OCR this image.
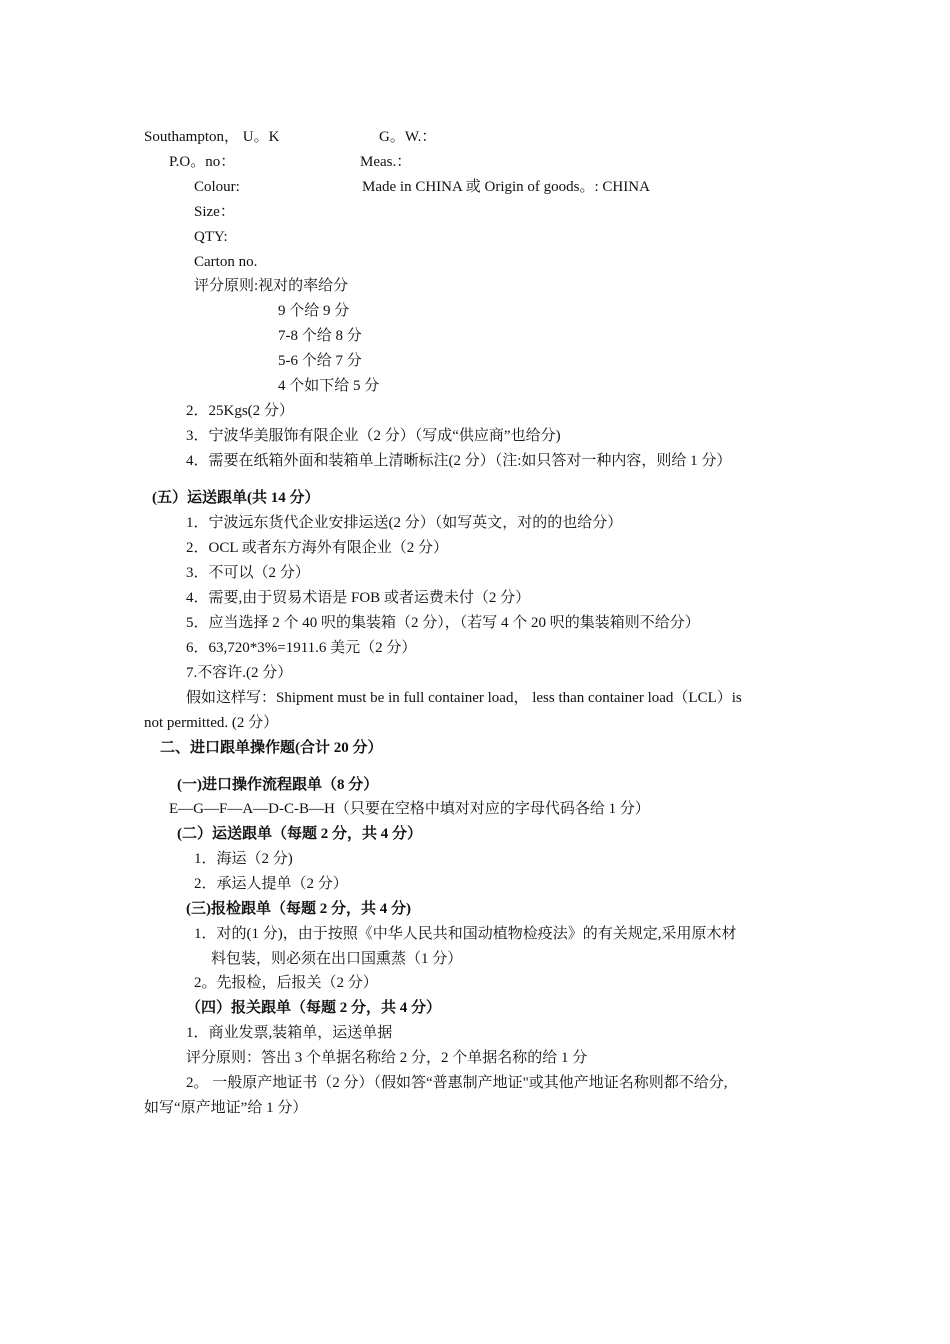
Southampton， U。K	G。W.：
P.O。no：	Meas.：
Colour:	Made in CHINA 或 Origin of goods。: CHINA
Size：
QTY:
Carton no.
评分原则:视对的率给分
9 个给 9 分
7-8 个给 8 分
5-6 个给 7 分
4 个如下给 5 分
2．25Kgs(2 分）
3．宁波华美服饰有限企业（2 分）（写成“供应商”也给分)
4．需要在纸箱外面和装箱单上清晰标注(2 分）（注:如只答对一种内容，则给 1 分）
(五）运送跟单(共 14 分）
1．宁波远东货代企业安排运送(2 分）（如写英文，对的的也给分）
2．OCL 或者东方海外有限企业（2 分）
3．不可以（2 分）
4．需要,由于贸易术语是 FOB 或者运费未付（2 分）
5．应当选择 2 个 40 呎的集装箱（2 分），（若写 4 个 20 呎的集装箱则不给分）
6．63,720*3%=1911.6 美元（2 分）
7.不容许.(2 分）
假如这样写：Shipment must be in full container load， less than container load（LCL）is
not permitted. (2 分）
二、进口跟单操作题(合计 20 分）
(一)进口操作流程跟单（8 分）
E—G—F—A—D-C-B—H（只要在空格中填对对应的字母代码各给 1 分）
(二）运送跟单（每题 2 分，共 4 分）
1．海运（2 分)
2．承运人提单（2 分）
(三)报检跟单（每题 2 分，共 4 分)
1．对的(1 分)，由于按照《中华人民共和国动植物检疫法》的有关规定,采用原木材
料包装，则必须在出口国熏蒸（1 分）
2。先报检，后报关（2 分）
（四）报关跟单（每题 2 分，共 4 分）
1．商业发票,装箱单，运送单据
评分原则：答出 3 个单据名称给 2 分，2 个单据名称的给 1 分
2。 一般原产地证书（2 分）（假如答“普惠制产地证"或其他产地证名称则都不给分,
如写“原产地证”给 1 分）
